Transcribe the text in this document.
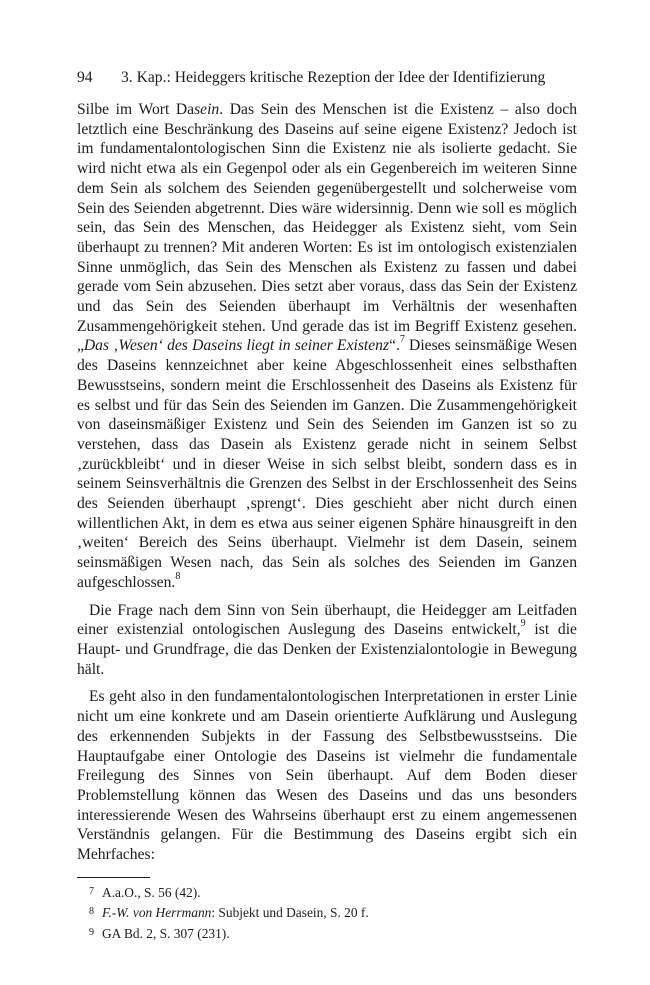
94	3. Kap.: Heideggers kritische Rezeption der Idee der Identifizierung

Silbe im Wort Dasein. Das Sein des Menschen ist die Existenz – also doch letztlich eine Beschränkung des Daseins auf seine eigene Existenz? Jedoch ist im fundamentalontologischen Sinn die Existenz nie als isolierte gedacht. Sie wird nicht etwa als ein Gegenpol oder als ein Gegenbereich im weiteren Sinne dem Sein als solchem des Seienden gegenübergestellt und solcherweise vom Sein des Seienden abgetrennt. Dies wäre widersinnig. Denn wie soll es möglich sein, das Sein des Menschen, das Heidegger als Existenz sieht, vom Sein überhaupt zu trennen? Mit anderen Worten: Es ist im ontologisch existenzialen Sinne unmöglich, das Sein des Menschen als Existenz zu fassen und dabei gerade vom Sein abzusehen. Dies setzt aber voraus, dass das Sein der Existenz und das Sein des Seienden überhaupt im Verhältnis der wesenhaften Zusammengehörigkeit stehen. Und gerade das ist im Begriff Existenz gesehen. „Das ‚Wesen‘ des Daseins liegt in seiner Existenz“.$^7$ Dieses seinsmäßige Wesen des Daseins kennzeichnet aber keine Abgeschlossenheit eines selbsthaften Bewusstseins, sondern meint die Erschlossenheit des Daseins als Existenz für es selbst und für das Sein des Seienden im Ganzen. Die Zusammengehörigkeit von daseinsmäßiger Existenz und Sein des Seienden im Ganzen ist so zu verstehen, dass das Dasein als Existenz gerade nicht in seinem Selbst ‚zurückbleibt‘ und in dieser Weise in sich selbst bleibt, sondern dass es in seinem Seinsverhältnis die Grenzen des Selbst in der Erschlossenheit des Seins des Seienden überhaupt ‚sprengt‘. Dies geschieht aber nicht durch einen willentlichen Akt, in dem es etwa aus seiner eigenen Sphäre hinausgreift in den ‚weiten‘ Bereich des Seins überhaupt. Vielmehr ist dem Dasein, seinem seinsmäßigen Wesen nach, das Sein als solches des Seienden im Ganzen aufgeschlossen.$^8$

Die Frage nach dem Sinn von Sein überhaupt, die Heidegger am Leitfaden einer existenzial ontologischen Auslegung des Daseins entwickelt,$^9$ ist die Haupt- und Grundfrage, die das Denken der Existenzialontologie in Bewegung hält.

Es geht also in den fundamentalontologischen Interpretationen in erster Linie nicht um eine konkrete und am Dasein orientierte Aufklärung und Auslegung des erkennenden Subjekts in der Fassung des Selbstbewusstseins. Die Hauptaufgabe einer Ontologie des Daseins ist vielmehr die fundamentale Freilegung des Sinnes von Sein überhaupt. Auf dem Boden dieser Problemstellung können das Wesen des Daseins und das uns besonders interessierende Wesen des Wahrseins überhaupt erst zu einem angemessenen Verständnis gelangen. Für die Bestimmung des Daseins ergibt sich ein Mehrfaches:

7 A.a.O., S. 56 (42).
8 F.-W. von Herrmann: Subjekt und Dasein, S. 20 f.
9 GA Bd. 2, S. 307 (231).
